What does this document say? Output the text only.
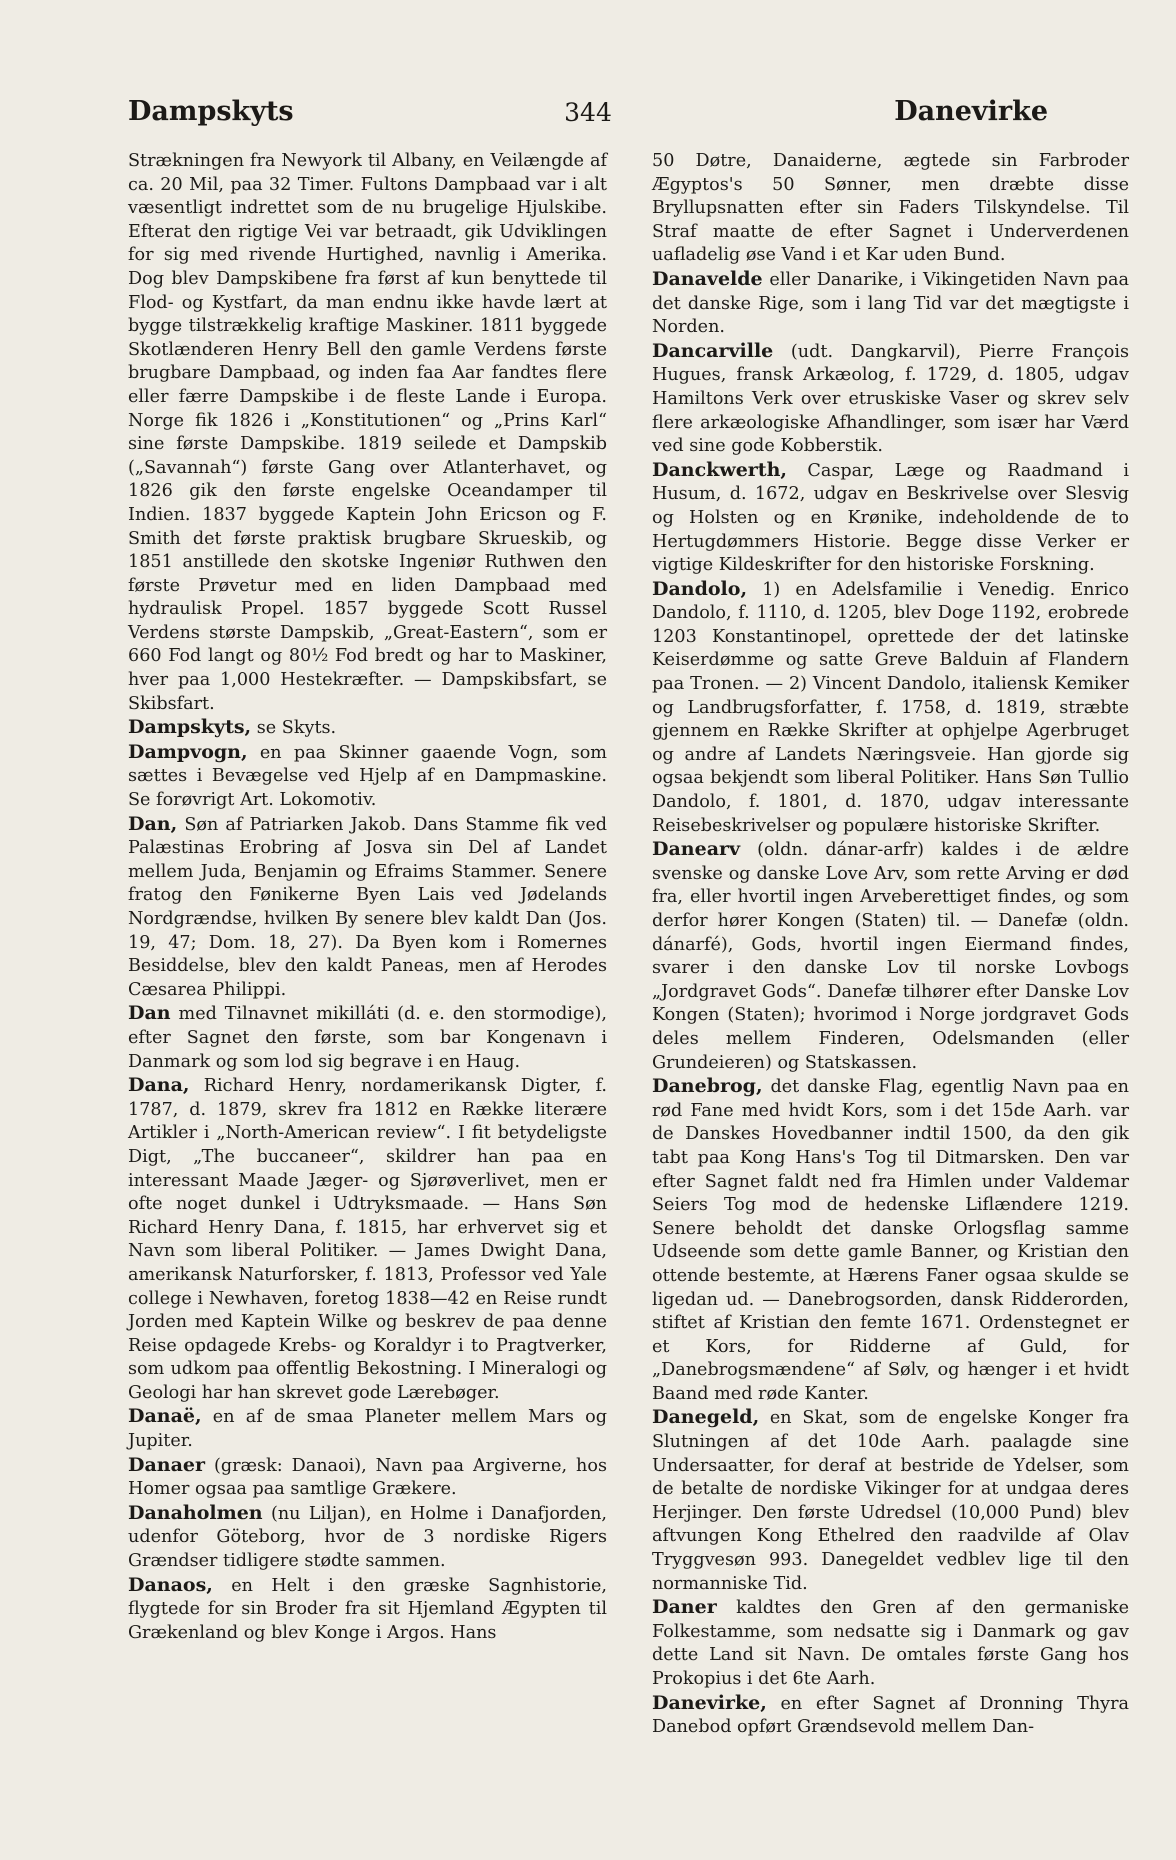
Dampskyts	344	Danevirke

Strækningen fra Newyork til Albany, en Veilængde af ca. 20 Mil, paa 32 Timer. Fultons Dampbaad var i alt væsentligt indrettet som de nu brugelige Hjulskibe. Efterat den rigtige Vei var betraadt, gik Udviklingen for sig med rivende Hurtighed, navnlig i Amerika. Dog blev Dampskibene fra først af kun benyttede til Flod- og Kystfart, da man endnu ikke havde lært at bygge tilstrækkelig kraftige Maskiner. 1811 byggede Skotlænderen Henry Bell den gamle Verdens første brugbare Dampbaad, og inden faa Aar fandtes flere eller færre Dampskibe i de fleste Lande i Europa. Norge fik 1826 i „Konstitutionen“ og „Prins Karl“ sine første Dampskibe. 1819 seilede et Dampskib („Savannah“) første Gang over Atlanterhavet, og 1826 gik den første engelske Oceandamper til Indien. 1837 byggede Kaptein John Ericson og F. Smith det første praktisk brugbare Skrueskib, og 1851 anstillede den skotske Ingeniør Ruthwen den første Prøvetur med en liden Dampbaad med hydraulisk Propel. 1857 byggede Scott Russel Verdens største Dampskib, „Great-Eastern“, som er 660 Fod langt og 80½ Fod bredt og har to Maskiner, hver paa 1,000 Hestekræfter. — Dampskibsfart, se Skibsfart.

Dampskyts, se Skyts.

Dampvogn, en paa Skinner gaaende Vogn, som sættes i Bevægelse ved Hjelp af en Dampmaskine. Se forøvrigt Art. Lokomotiv.

Dan, Søn af Patriarken Jakob. Dans Stamme fik ved Palæstinas Erobring af Josva sin Del af Landet mellem Juda, Benjamin og Efraims Stammer. Senere fratog den Fønikerne Byen Lais ved Jødelands Nordgrændse, hvilken By senere blev kaldt Dan (Jos. 19, 47; Dom. 18, 27). Da Byen kom i Romernes Besiddelse, blev den kaldt Paneas, men af Herodes Cæsarea Philippi.

Dan med Tilnavnet mikilláti (d. e. den stormodige), efter Sagnet den første, som bar Kongenavn i Danmark og som lod sig begrave i en Haug.

Dana, Richard Henry, nordamerikansk Digter, f. 1787, d. 1879, skrev fra 1812 en Række literære Artikler i „North-American review“. I fit betydeligste Digt, „The buccaneer“, skildrer han paa en interessant Maade Jæger- og Sjørøverlivet, men er ofte noget dunkel i Udtryksmaade. — Hans Søn Richard Henry Dana, f. 1815, har erhvervet sig et Navn som liberal Politiker. — James Dwight Dana, amerikansk Naturforsker, f. 1813, Professor ved Yale college i Newhaven, foretog 1838—42 en Reise rundt Jorden med Kaptein Wilke og beskrev de paa denne Reise opdagede Krebs- og Koraldyr i to Pragtverker, som udkom paa offentlig Bekostning. I Mineralogi og Geologi har han skrevet gode Lærebøger.

Danaë, en af de smaa Planeter mellem Mars og Jupiter.

Danaer (græsk: Danaoi), Navn paa Argiverne, hos Homer ogsaa paa samtlige Grækere.

Danaholmen (nu Liljan), en Holme i Danafjorden, udenfor Göteborg, hvor de 3 nordiske Rigers Grændser tidligere stødte sammen.

Danaos, en Helt i den græske Sagnhistorie, flygtede for sin Broder fra sit Hjemland Ægypten til Grækenland og blev Konge i Argos. Hans

50 Døtre, Danaiderne, ægtede sin Farbroder Ægyptos's 50 Sønner, men dræbte disse Bryllupsnatten efter sin Faders Tilskyndelse. Til Straf maatte de efter Sagnet i Underverdenen uafladelig øse Vand i et Kar uden Bund.

Danavelde eller Danarike, i Vikingetiden Navn paa det danske Rige, som i lang Tid var det mægtigste i Norden.

Dancarville (udt. Dangkarvil), Pierre François Hugues, fransk Arkæolog, f. 1729, d. 1805, udgav Hamiltons Verk over etruskiske Vaser og skrev selv flere arkæologiske Afhandlinger, som især har Værd ved sine gode Kobberstik.

Danckwerth, Caspar, Læge og Raadmand i Husum, d. 1672, udgav en Beskrivelse over Slesvig og Holsten og en Krønike, indeholdende de to Hertugdømmers Historie. Begge disse Verker er vigtige Kildeskrifter for den historiske Forskning.

Dandolo, 1) en Adelsfamilie i Venedig. Enrico Dandolo, f. 1110, d. 1205, blev Doge 1192, erobrede 1203 Konstantinopel, oprettede der det latinske Keiserdømme og satte Greve Balduin af Flandern paa Tronen. — 2) Vincent Dandolo, italiensk Kemiker og Landbrugsforfatter, f. 1758, d. 1819, stræbte gjennem en Række Skrifter at ophjelpe Agerbruget og andre af Landets Næringsveie. Han gjorde sig ogsaa bekjendt som liberal Politiker. Hans Søn Tullio Dandolo, f. 1801, d. 1870, udgav interessante Reisebeskrivelser og populære historiske Skrifter.

Danearv (oldn. dánar-arfr) kaldes i de ældre svenske og danske Love Arv, som rette Arving er død fra, eller hvortil ingen Arveberettiget findes, og som derfor hører Kongen (Staten) til. — Danefæ (oldn. dánarfé), Gods, hvortil ingen Eiermand findes, svarer i den danske Lov til norske Lovbogs „Jordgravet Gods“. Danefæ tilhører efter Danske Lov Kongen (Staten); hvorimod i Norge jordgravet Gods deles mellem Finderen, Odelsmanden (eller Grundeieren) og Statskassen.

Danebrog, det danske Flag, egentlig Navn paa en rød Fane med hvidt Kors, som i det 15de Aarh. var de Danskes Hovedbanner indtil 1500, da den gik tabt paa Kong Hans's Tog til Ditmarsken. Den var efter Sagnet faldt ned fra Himlen under Valdemar Seiers Tog mod de hedenske Liflændere 1219. Senere beholdt det danske Orlogsflag samme Udseende som dette gamle Banner, og Kristian den ottende bestemte, at Hærens Faner ogsaa skulde se ligedan ud. — Danebrogsorden, dansk Ridderorden, stiftet af Kristian den femte 1671. Ordenstegnet er et Kors, for Ridderne af Guld, for „Danebrogsmændene“ af Sølv, og hænger i et hvidt Baand med røde Kanter.

Danegeld, en Skat, som de engelske Konger fra Slutningen af det 10de Aarh. paalagde sine Undersaatter, for deraf at bestride de Ydelser, som de betalte de nordiske Vikinger for at undgaa deres Herjinger. Den første Udredsel (10,000 Pund) blev aftvungen Kong Ethelred den raadvilde af Olav Tryggvesøn 993. Danegeldet vedblev lige til den normanniske Tid.

Daner kaldtes den Gren af den germaniske Folkestamme, som nedsatte sig i Danmark og gav dette Land sit Navn. De omtales første Gang hos Prokopius i det 6te Aarh.

Danevirke, en efter Sagnet af Dronning Thyra Danebod opført Grændsevold mellem Dan-
